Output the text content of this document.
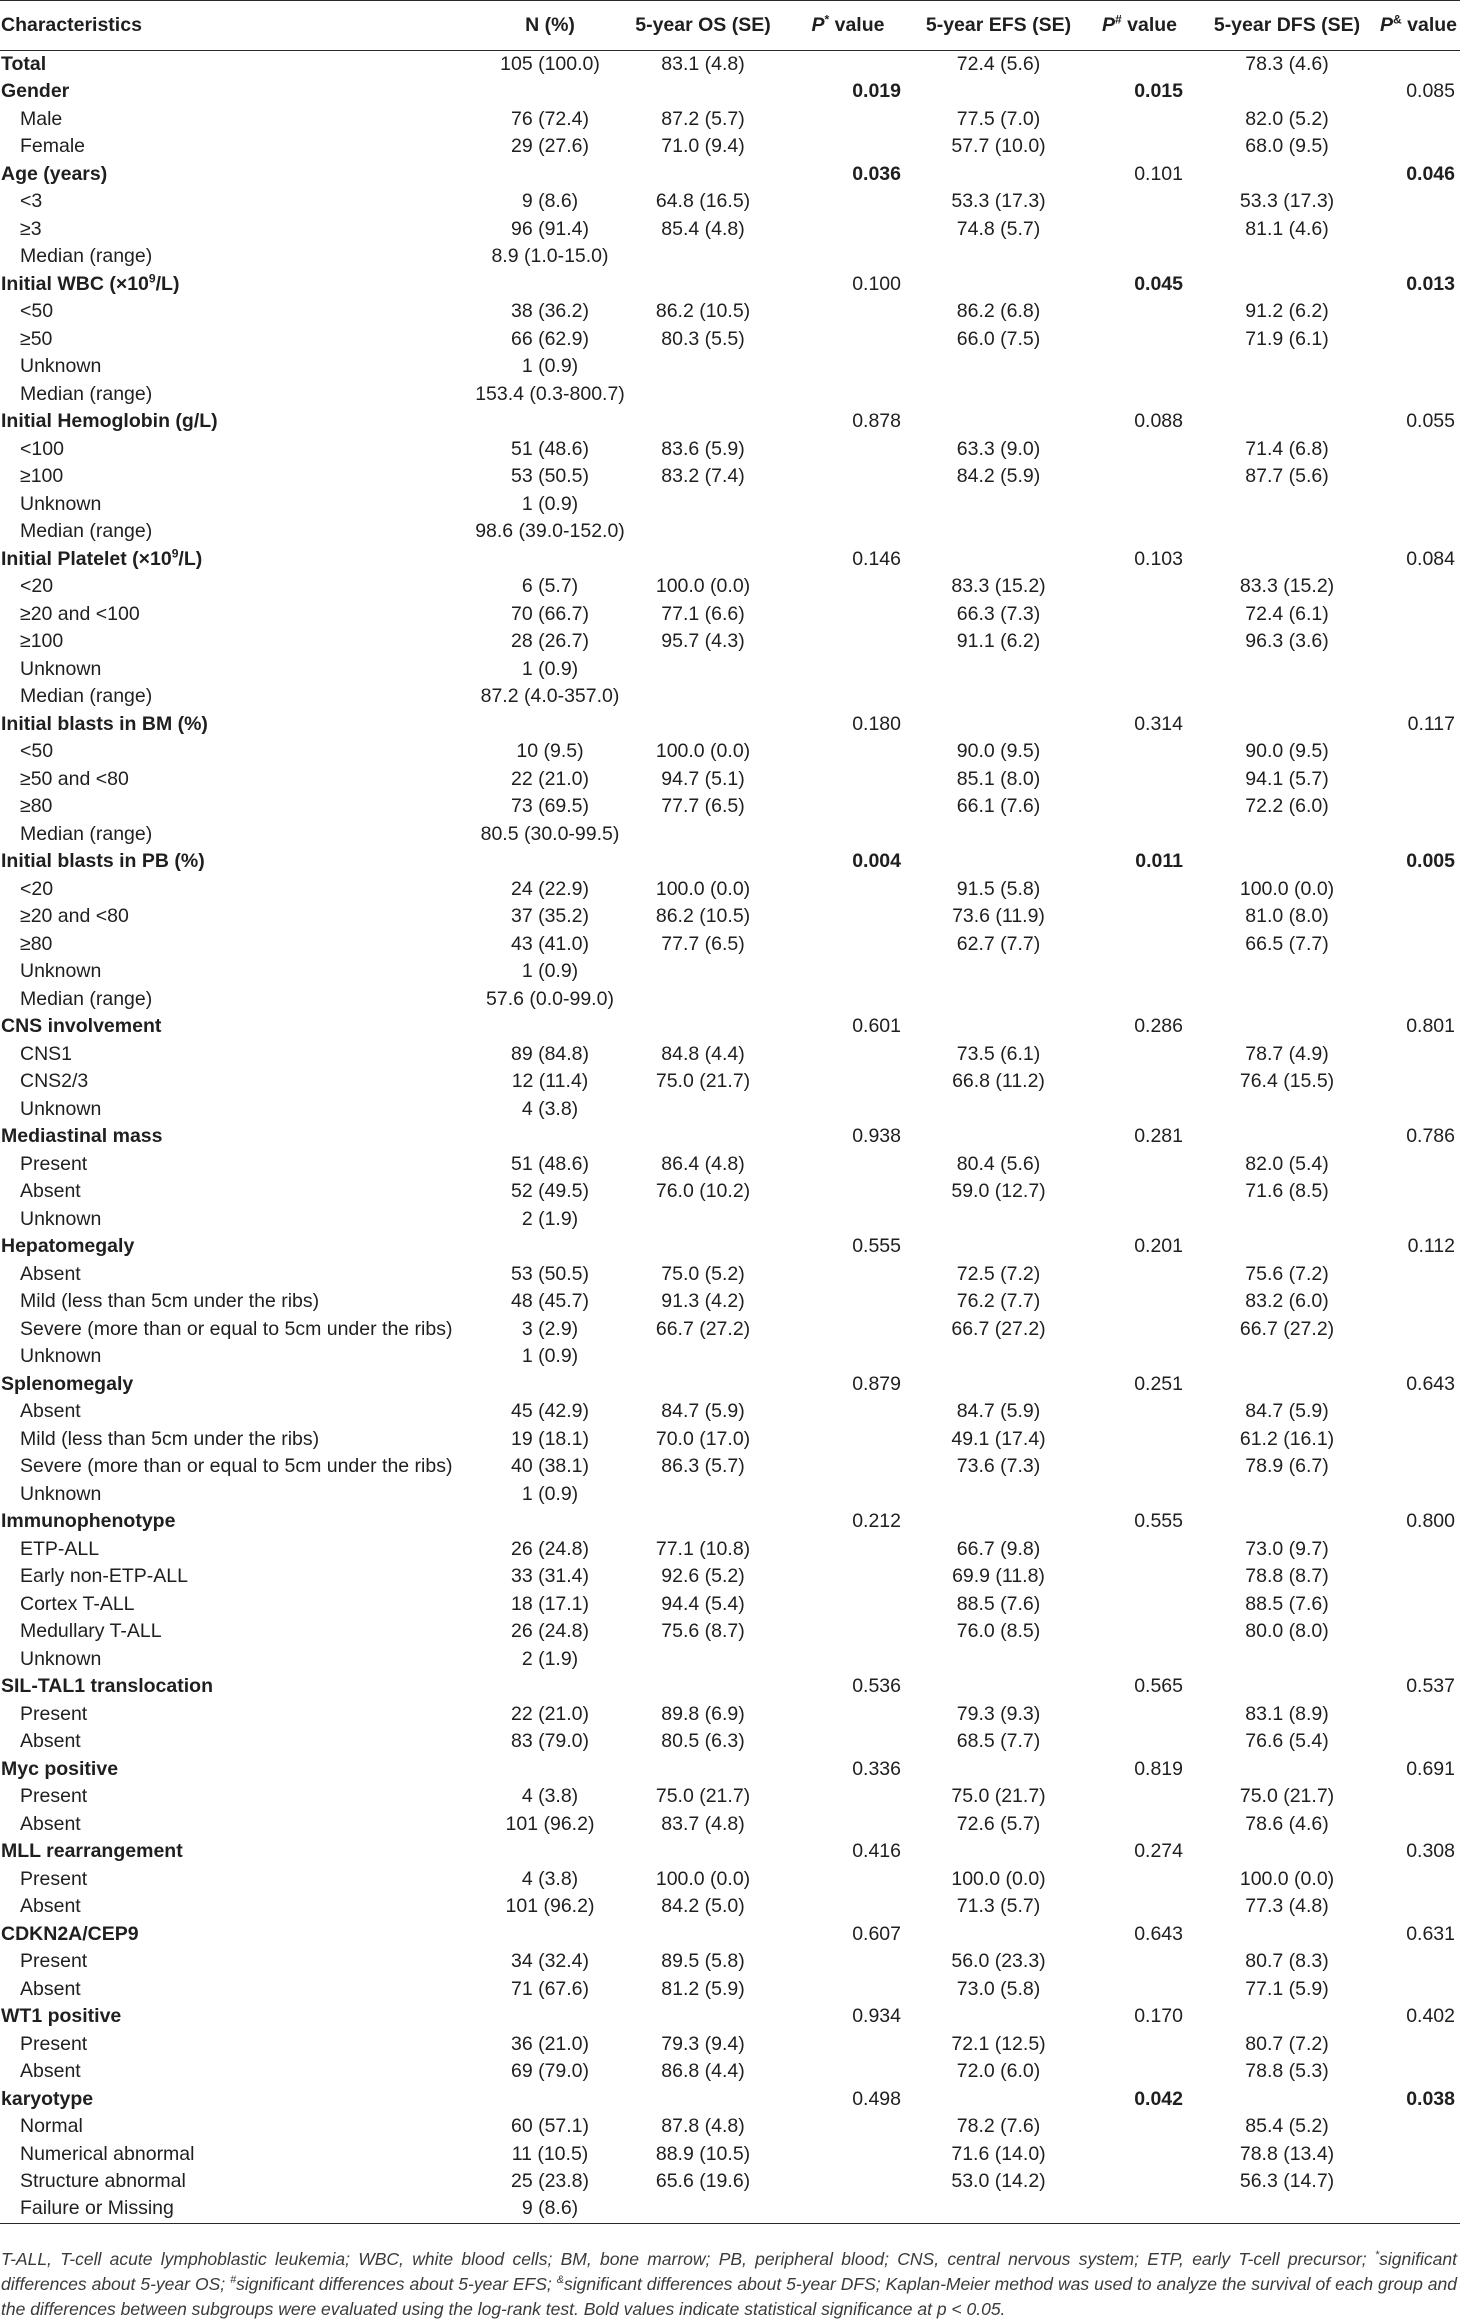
Characteristics	N (%)	5-year OS (SE)	P* value	5-year EFS (SE)	P# value	5-year DFS (SE)	P& value
Total	105 (100.0)	83.1 (4.8)		72.4 (5.6)		78.3 (4.6)	
Gender			0.019		0.015		0.085
Male	76 (72.4)	87.2 (5.7)		77.5 (7.0)		82.0 (5.2)	
Female	29 (27.6)	71.0 (9.4)		57.7 (10.0)		68.0 (9.5)	
Age (years)			0.036		0.101		0.046
<3	9 (8.6)	64.8 (16.5)		53.3 (17.3)		53.3 (17.3)	
≥3	96 (91.4)	85.4 (4.8)		74.8 (5.7)		81.1 (4.6)	
Median (range)	8.9 (1.0-15.0)						
Initial WBC $(\times 10^9/L)$			0.100		0.045		0.013
<50	38 (36.2)	86.2 (10.5)		86.2 (6.8)		91.2 (6.2)	
≥50	66 (62.9)	80.3 (5.5)		66.0 (7.5)		71.9 (6.1)	
Unknown	1 (0.9)						
Median (range)	153.4 (0.3-800.7)						
Initial Hemoglobin (g/L)			0.878		0.088		0.055
<100	51 (48.6)	83.6 (5.9)		63.3 (9.0)		71.4 (6.8)	
≥100	53 (50.5)	83.2 (7.4)		84.2 (5.9)		87.7 (5.6)	
Unknown	1 (0.9)						
Median (range)	98.6 (39.0-152.0)						
Initial Platelet $(\times 10^9/L)$			0.146		0.103		0.084
<20	6 (5.7)	100.0 (0.0)		83.3 (15.2)		83.3 (15.2)	
≥20 and <100	70 (66.7)	77.1 (6.6)		66.3 (7.3)		72.4 (6.1)	
≥100	28 (26.7)	95.7 (4.3)		91.1 (6.2)		96.3 (3.6)	
Unknown	1 (0.9)						
Median (range)	87.2 (4.0-357.0)						
Initial blasts in BM (%)			0.180		0.314		0.117
<50	10 (9.5)	100.0 (0.0)		90.0 (9.5)		90.0 (9.5)	
≥50 and <80	22 (21.0)	94.7 (5.1)		85.1 (8.0)		94.1 (5.7)	
≥80	73 (69.5)	77.7 (6.5)		66.1 (7.6)		72.2 (6.0)	
Median (range)	80.5 (30.0-99.5)						
Initial blasts in PB (%)			0.004		0.011		0.005
<20	24 (22.9)	100.0 (0.0)		91.5 (5.8)		100.0 (0.0)	
≥20 and <80	37 (35.2)	86.2 (10.5)		73.6 (11.9)		81.0 (8.0)	
≥80	43 (41.0)	77.7 (6.5)		62.7 (7.7)		66.5 (7.7)	
Unknown	1 (0.9)						
Median (range)	57.6 (0.0-99.0)						
CNS involvement			0.601		0.286		0.801
CNS1	89 (84.8)	84.8 (4.4)		73.5 (6.1)		78.7 (4.9)	
CNS2/3	12 (11.4)	75.0 (21.7)		66.8 (11.2)		76.4 (15.5)	
Unknown	4 (3.8)						
Mediastinal mass			0.938		0.281		0.786
Present	51 (48.6)	86.4 (4.8)		80.4 (5.6)		82.0 (5.4)	
Absent	52 (49.5)	76.0 (10.2)		59.0 (12.7)		71.6 (8.5)	
Unknown	2 (1.9)						
Hepatomegaly			0.555		0.201		0.112
Absent	53 (50.5)	75.0 (5.2)		72.5 (7.2)		75.6 (7.2)	
Mild (less than 5cm under the ribs)	48 (45.7)	91.3 (4.2)		76.2 (7.7)		83.2 (6.0)	
Severe (more than or equal to 5cm under the ribs)	3 (2.9)	66.7 (27.2)		66.7 (27.2)		66.7 (27.2)	
Unknown	1 (0.9)						
Splenomegaly			0.879		0.251		0.643
Absent	45 (42.9)	84.7 (5.9)		84.7 (5.9)		84.7 (5.9)	
Mild (less than 5cm under the ribs)	19 (18.1)	70.0 (17.0)		49.1 (17.4)		61.2 (16.1)	
Severe (more than or equal to 5cm under the ribs)	40 (38.1)	86.3 (5.7)		73.6 (7.3)		78.9 (6.7)	
Unknown	1 (0.9)						
Immunophenotype			0.212		0.555		0.800
ETP-ALL	26 (24.8)	77.1 (10.8)		66.7 (9.8)		73.0 (9.7)	
Early non-ETP-ALL	33 (31.4)	92.6 (5.2)		69.9 (11.8)		78.8 (8.7)	
Cortex T-ALL	18 (17.1)	94.4 (5.4)		88.5 (7.6)		88.5 (7.6)	
Medullary T-ALL	26 (24.8)	75.6 (8.7)		76.0 (8.5)		80.0 (8.0)	
Unknown	2 (1.9)						
SIL-TAL1 translocation			0.536		0.565		0.537
Present	22 (21.0)	89.8 (6.9)		79.3 (9.3)		83.1 (8.9)	
Absent	83 (79.0)	80.5 (6.3)		68.5 (7.7)		76.6 (5.4)	
Myc positive			0.336		0.819		0.691
Present	4 (3.8)	75.0 (21.7)		75.0 (21.7)		75.0 (21.7)	
Absent	101 (96.2)	83.7 (4.8)		72.6 (5.7)		78.6 (4.6)	
MLL rearrangement			0.416		0.274		0.308
Present	4 (3.8)	100.0 (0.0)		100.0 (0.0)		100.0 (0.0)	
Absent	101 (96.2)	84.2 (5.0)		71.3 (5.7)		77.3 (4.8)	
CDKN2A/CEP9			0.607		0.643		0.631
Present	34 (32.4)	89.5 (5.8)		56.0 (23.3)		80.7 (8.3)	
Absent	71 (67.6)	81.2 (5.9)		73.0 (5.8)		77.1 (5.9)	
WT1 positive			0.934		0.170		0.402
Present	36 (21.0)	79.3 (9.4)		72.1 (12.5)		80.7 (7.2)	
Absent	69 (79.0)	86.8 (4.4)		72.0 (6.0)		78.8 (5.3)	
karyotype			0.498		0.042		0.038
Normal	60 (57.1)	87.8 (4.8)		78.2 (7.6)		85.4 (5.2)	
Numerical abnormal	11 (10.5)	88.9 (10.5)		71.6 (14.0)		78.8 (13.4)	
Structure abnormal	25 (23.8)	65.6 (19.6)		53.0 (14.2)		56.3 (14.7)	
Failure or Missing	9 (8.6)						
T-ALL, T-cell acute lymphoblastic leukemia; WBC, white blood cells; BM, bone marrow; PB, peripheral blood; CNS, central nervous system; ETP, early T-cell precursor; *significant differences about 5-year OS; #significant differences about 5-year EFS; &significant differences about 5-year DFS; Kaplan-Meier method was used to analyze the survival of each group and the differences between subgroups were evaluated using the log-rank test. Bold values indicate statistical significance at p < 0.05.
